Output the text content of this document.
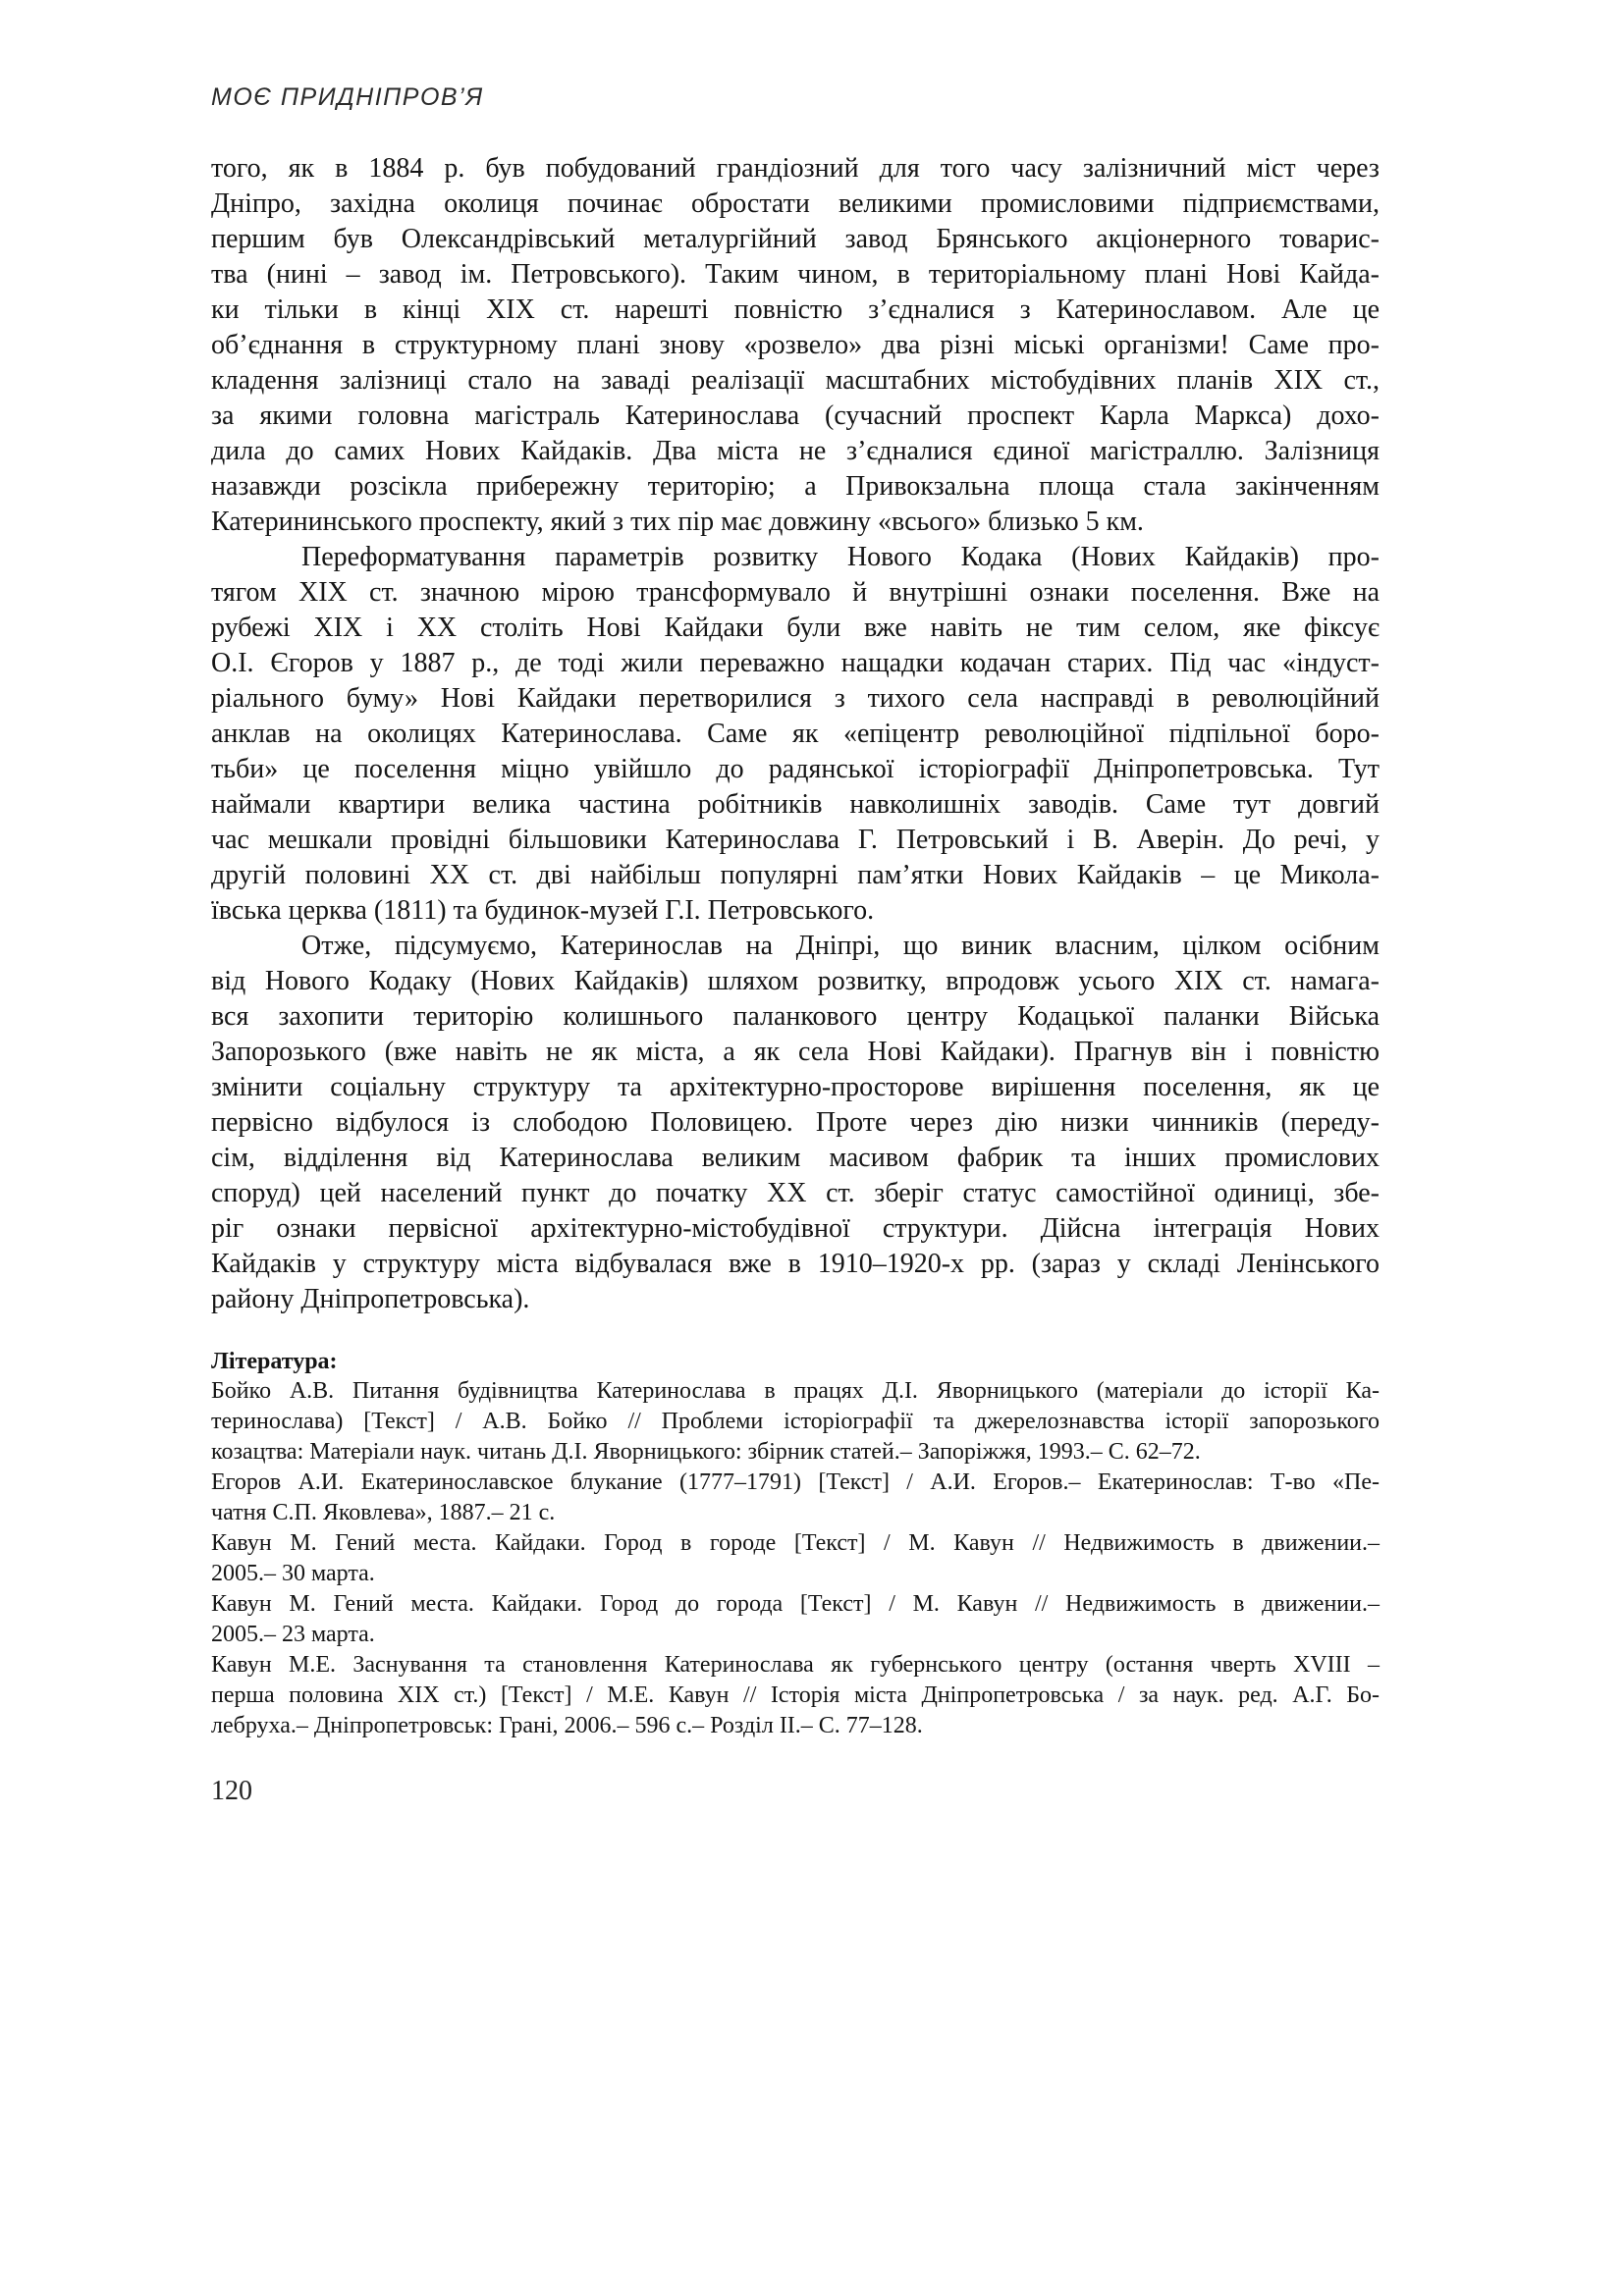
МОЄ ПРИДНІПРОВ’Я
того, як в 1884 р. був побудований грандіозний для того часу залізничний міст через
Дніпро, західна околиця починає обростати великими промисловими підприємствами,
першим був Олександрівський металургійний завод Брянського акціонерного товарис-
тва (нині – завод ім. Петровського). Таким чином, в територіальному плані Нові Кайда-
ки тільки в кінці XIX ст. нарешті повністю з’єдналися з Катеринославом. Але це
об’єднання в структурному плані знову «розвело» два різні міські організми! Саме про-
кладення залізниці стало на заваді реалізації масштабних містобудівних планів XIX ст.,
за якими головна магістраль Катеринослава (сучасний проспект Карла Маркса) дохо-
дила до самих Нових Кайдаків. Два міста не з’єдналися єдиної магістраллю. Залізниця
назавжди розсікла прибережну територію; а Привокзальна площа стала закінченням
Катерининського проспекту, який з тих пір має довжину «всього» близько 5 км.
Переформатування параметрів розвитку Нового Кодака (Нових Кайдаків) про-
тягом XIX ст. значною мірою трансформувало й внутрішні ознаки поселення. Вже на
рубежі XIX і XX століть Нові Кайдаки були вже навіть не тим селом, яке фіксує
О.І. Єгоров у 1887 р., де тоді жили переважно нащадки кодачан старих. Під час «індуст-
ріального буму» Нові Кайдаки перетворилися з тихого села насправді в революційний
анклав на околицях Катеринослава. Саме як «епіцентр революційної підпільної боро-
тьби» це поселення міцно увійшло до радянської історіографії Дніпропетровська. Тут
наймали квартири велика частина робітників навколишніх заводів. Саме тут довгий
час мешкали провідні більшовики Катеринослава Г. Петровський і В. Аверін. До речі, у
другій половині XX ст. дві найбільш популярні пам’ятки Нових Кайдаків – це Микола-
ївська церква (1811) та будинок-музей Г.І. Петровського.
Отже, підсумуємо, Катеринослав на Дніпрі, що виник власним, цілком осібним
від Нового Кодаку (Нових Кайдаків) шляхом розвитку, впродовж усього XIX ст. намага-
вся захопити територію колишнього паланкового центру Кодацької паланки Війська
Запорозького (вже навіть не як міста, а як села Нові Кайдаки). Прагнув він і повністю
змінити соціальну структуру та архітектурно-просторове вирішення поселення, як це
первісно відбулося із слободою Половицею. Проте через дію низки чинників (переду-
сім, відділення від Катеринослава великим масивом фабрик та інших промислових
споруд) цей населений пункт до початку XX ст. зберіг статус самостійної одиниці, збе-
ріг ознаки первісної архітектурно-містобудівної структури. Дійсна інтеграція Нових
Кайдаків у структуру міста відбувалася вже в 1910–1920-х рр. (зараз у складі Ленінського
району Дніпропетровська).
Література:
Бойко А.В. Питання будівництва Катеринослава в працях Д.І. Яворницького (матеріали до історії Ка-
теринослава) [Текст] / А.В. Бойко // Проблеми історіографії та джерелознавства історії запорозького
козацтва: Матеріали наук. читань Д.І. Яворницького: збірник статей.– Запоріжжя, 1993.– С. 62–72.
Егоров А.И. Екатеринославское блукание (1777–1791) [Текст] / А.И. Егоров.– Екатеринослав: Т-во «Пе-
чатня С.П. Яковлева», 1887.– 21 с.
Кавун М. Гений места. Кайдаки. Город в городе [Текст] / М. Кавун // Недвижимость в движении.–
2005.– 30 марта.
Кавун М. Гений места. Кайдаки. Город до города [Текст] / М. Кавун // Недвижимость в движении.–
2005.– 23 марта.
Кавун М.Е. Заснування та становлення Катеринослава як губернського центру (остання чверть XVIII –
перша половина XIX ст.) [Текст] / М.Е. Кавун // Історія міста Дніпропетровська / за наук. ред. А.Г. Бо-
лебруха.– Дніпропетровськ: Грані, 2006.– 596 с.– Розділ II.– С. 77–128.
120
